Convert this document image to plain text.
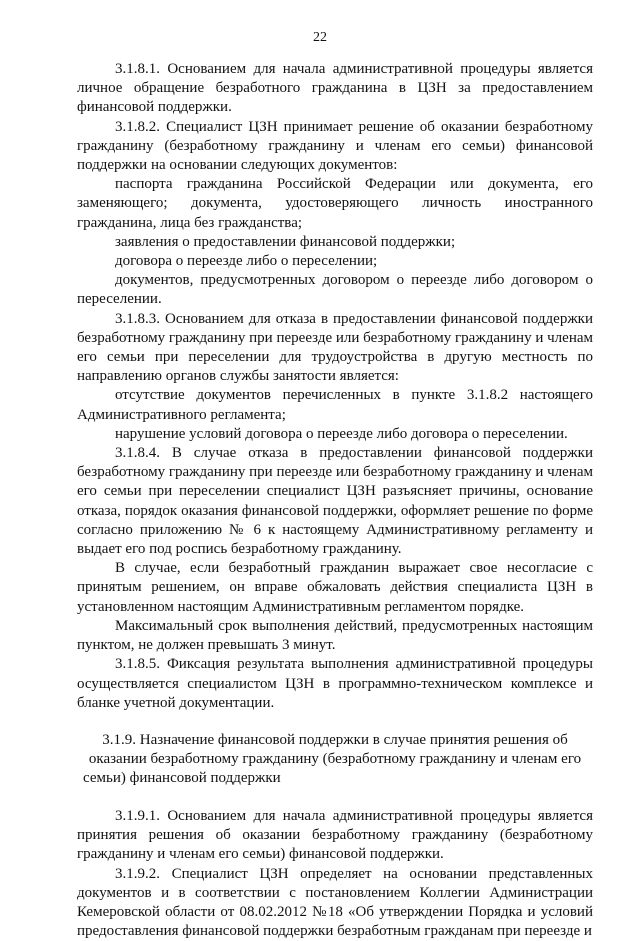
22

3.1.8.1. Основанием для начала административной процедуры является личное обращение безработного гражданина в ЦЗН за предоставлением финансовой поддержки.

3.1.8.2. Специалист ЦЗН принимает решение об оказании безработному гражданину (безработному гражданину и членам его семьи) финансовой поддержки на основании следующих документов:

паспорта гражданина Российской Федерации или документа, его заменяющего; документа, удостоверяющего личность иностранного гражданина, лица без гражданства;

заявления о предоставлении финансовой поддержки;

договора о переезде либо о переселении;

документов, предусмотренных договором о переезде либо договором о переселении.

3.1.8.3. Основанием для отказа в предоставлении финансовой поддержки безработному гражданину при переезде или безработному гражданину и членам его семьи при переселении для трудоустройства в другую местность по направлению органов службы занятости является:

отсутствие документов перечисленных в пункте 3.1.8.2 настоящего Административного регламента;

нарушение условий договора о переезде либо договора о переселении.

3.1.8.4. В случае отказа в предоставлении финансовой поддержки безработному гражданину при переезде или безработному гражданину и членам его семьи при переселении специалист ЦЗН разъясняет причины, основание отказа, порядок оказания финансовой поддержки, оформляет решение по форме согласно приложению № 6 к настоящему Административному регламенту и выдает его под роспись безработному гражданину.

В случае, если безработный гражданин выражает свое несогласие с принятым решением, он вправе обжаловать действия специалиста ЦЗН в установленном настоящим Административным регламентом порядке.

Максимальный срок выполнения действий, предусмотренных настоящим пунктом, не должен превышать 3 минут.

3.1.8.5. Фиксация результата выполнения административной процедуры осуществляется специалистом ЦЗН в программно-техническом комплексе и бланке учетной документации.

3.1.9. Назначение финансовой поддержки в случае принятия решения об оказании безработному гражданину (безработному гражданину и членам его семьи) финансовой поддержки

3.1.9.1. Основанием для начала административной процедуры является принятия решения об оказании безработному гражданину (безработному гражданину и членам его семьи) финансовой поддержки.

3.1.9.2. Специалист ЦЗН определяет на основании представленных документов и в соответствии с постановлением Коллегии Администрации Кемеровской области от 08.02.2012 №18 «Об утверждении Порядка и условий предоставления финансовой поддержки безработным гражданам при переезде и
